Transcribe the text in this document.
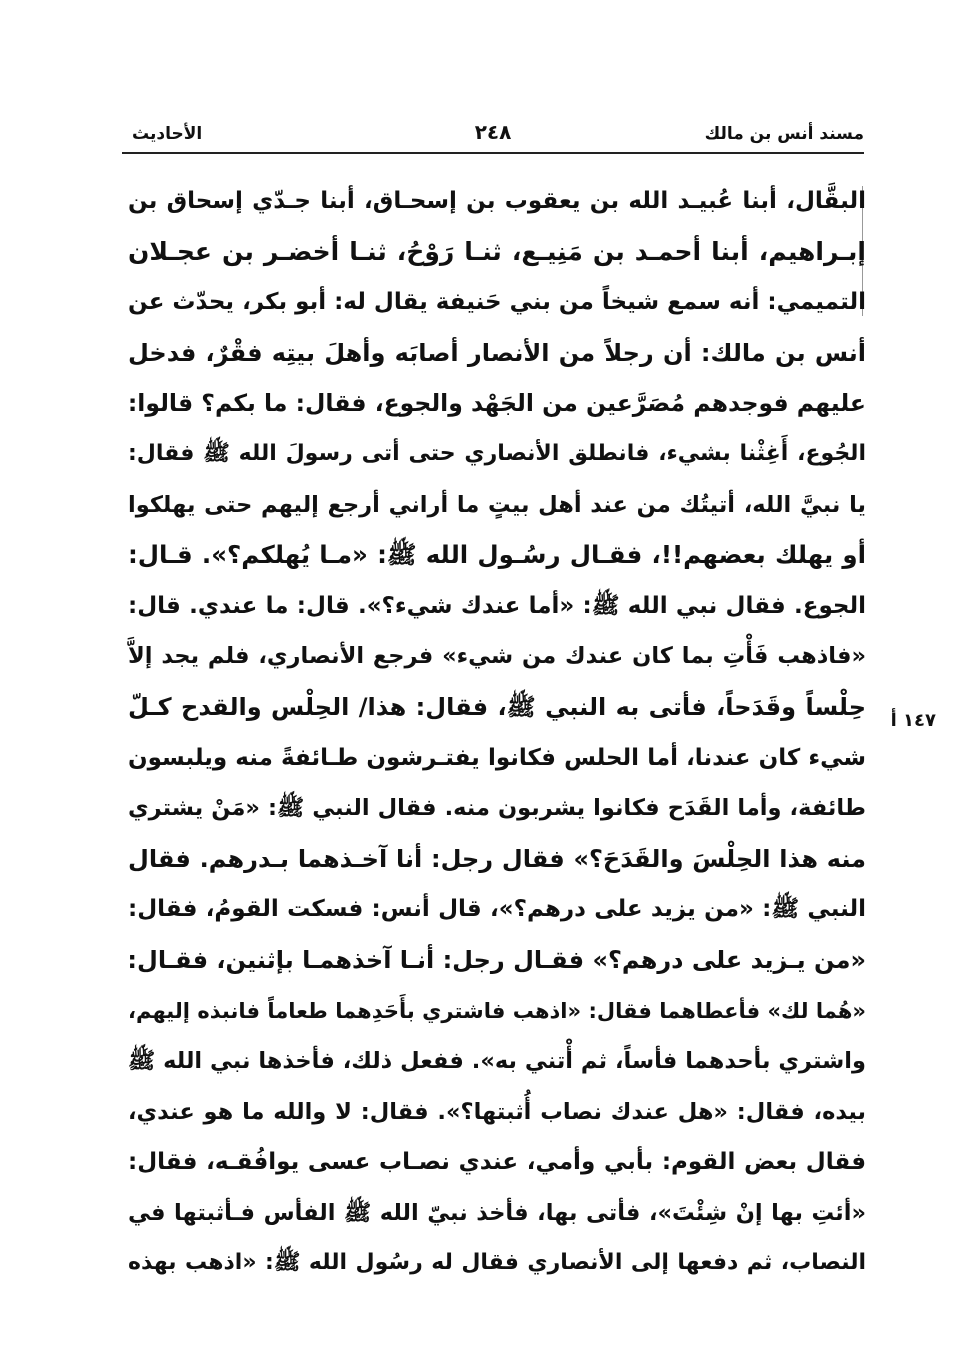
مسند أنس بن مالك
٢٤٨
الأحاديث
١٤٧ أ
البقَّال، أبنا عُبيـد الله بن يعقوب بن إسحـاق، أبنا جـدّي إسحاق بن
إبـراهيم، أبنا أحمـد بن مَنِيـع، ثنـا رَوْحُ، ثنـا أخضـر بن عجـلان
التميمي: أنه سمع شيخاً من بني حَنيفة يقال له: أبو بكر، يحدّث عن
أنس بن مالك: أن رجلاً من الأنصار أصابَه وأهلَ بيتِه فقْرٌ، فدخل
عليهم فوجدهم مُصَرَّعين من الجَهْد والجوع، فقال: ما بكم؟ قالوا:
الجُوع، أَغِثْنا بشيء، فانطلق الأنصاري حتى أتى رسولَ الله ﷺ فقال:
يا نبيَّ الله، أتيتُك من عند أهل بيتٍ ما أراني أرجع إليهم حتى يهلكوا
أو يهلك بعضهم!!، فقـال رسُـول الله ﷺ: «مـا يُهلكم؟». قـال:
الجوع. فقال نبي الله ﷺ: «أما عندك شيء؟». قال: ما عندي. قال:
«فاذهب فَأْتِ بما كان عندك من شيء» فرجع الأنصاري، فلم يجد إلاَّ
حِلْساً وقَدَحاً، فأتى به النبي ﷺ، فقال: هذا/ الحِلْس والقدح كـلّ
شيء كان عندنا، أما الحلس فكانوا يفتـرشون طـائفةً منه ويلبسون
طائفة، وأما القَدَح فكانوا يشربون منه. فقال النبي ﷺ: «مَنْ يشتري
منه هذا الحِلْسَ والقَدَحَ؟» فقال رجل: أنا آخـذهما بـدرهم. فقال
النبي ﷺ: «من يزيد على درهم؟»، قال أنس: فسكت القومُ، فقال:
«من يـزيد على درهم؟» فقـال رجل: أنـا آخذهمـا بإثنين، فقـال:
«هُما لك» فأعطاهما فقال: «اذهب فاشتري بأَحَدِهما طعاماً فانبذه إليهم،
واشتري بأحدهما فأساً، ثم أْتني به». ففعل ذلك، فأخذها نبي الله ﷺ
بيده، فقال: «هل عندك نصاب أُثبتها؟». فقال: لا والله ما هو عندي،
فقال بعض القوم: بأبي وأمي، عندي نصـاب عسى يوافُقـه، فقال:
«أئتِ بها إنْ شِئْتَ»، فأتى بها، فأخذ نبيّ الله ﷺ الفأس فـأثبتها في
النصاب، ثم دفعها إلى الأنصاري فقال له رسُول الله ﷺ: «اذهب بهذه
